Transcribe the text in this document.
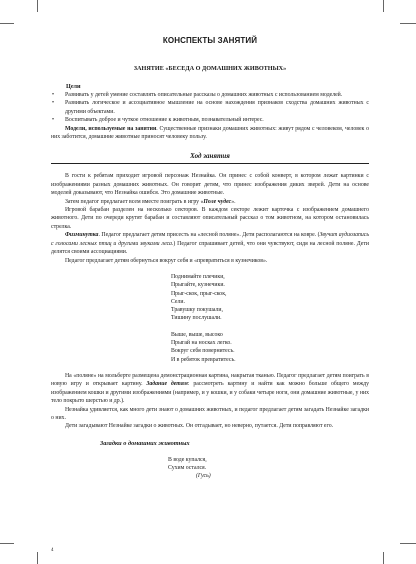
КОНСПЕКТЫ ЗАНЯТИЙ
ЗАНЯТИЕ «БЕСЕДА О ДОМАШНИХ ЖИВОТНЫХ»
Цели

• Развивать у детей умение составлять описательные рассказы о домашних животных с использованием моделей.

• Развивать логическое и ассоциативное мышление на основе нахождения признаков сходства домашних животных с другими объектами.

• Воспитывать доброе и чуткое отношение к животным, познавательный интерес.

Модели, используемые на занятии. Существенные признаки домашних животных: живут рядом с человеком, человек о них заботится, домашние животные приносят человеку пользу.

Ход занятия

В гости к ребятам приходит игровой персонаж Незнайка. Он принес с собой конверт, в котором лежат картинки с изображениями разных домашних животных. Он говорит детям, что принес изображения диких зверей. Дети на основе моделей доказывают, что Незнайка ошибся. Это домашние животные.

Затем педагог предлагает всем вместе поиграть в игру «Поле чудес».

Игровой барабан разделен на несколько секторов. В каждом секторе лежит карточка с изображением домашнего животного. Дети по очереди крутят барабан и составляют описательный рассказ о том животном, на котором остановилась стрелка.

Физминутка. Педагог предлагает детям присесть на «лесной поляне». Дети располагаются на ковре. (Звучит аудиозапись с голосами лесных птиц и другими звуками леса.) Педагог спрашивает детей, что они чувствуют, сидя на лесной поляне. Дети делятся своими ассоциациями.

Педагог предлагает детям обернуться вокруг себя и «превратиться в кузнечиков».

Поднимайте плечики,
Прыгайте, кузнечики.
Прыг-скок, прыг-скок,
Сели.
Травушку покушали,
Тишину послушали.
Выше, выше, высоко
Прыгай на носках легко.
Вокруг себя повернитесь.
И в ребяток превратитесь.

На «поляне» на мольберте размещена демонстрационная картина, накрытая тканью. Педагог предлагает детям поиграть в новую игру и открывает картину. Задание детям: рассмотреть картину и найти как можно больше общего между изображением кошки и другими изображениями (например, и у кошки, и у собаки четыре ноги, они домашние животные, у них тело покрыто шерстью и др.).

Незнайка удивляется, как много дети знают о домашних животных, и педагог предлагает детям загадать Незнайке загадки о них.

Дети загадывают Незнайке загадки о животных. Он отгадывает, но неверно, путается. Дети поправляют его.

Загадки о домашних животных
В воде купался,
Сухим остался.
(Гусь)
4
